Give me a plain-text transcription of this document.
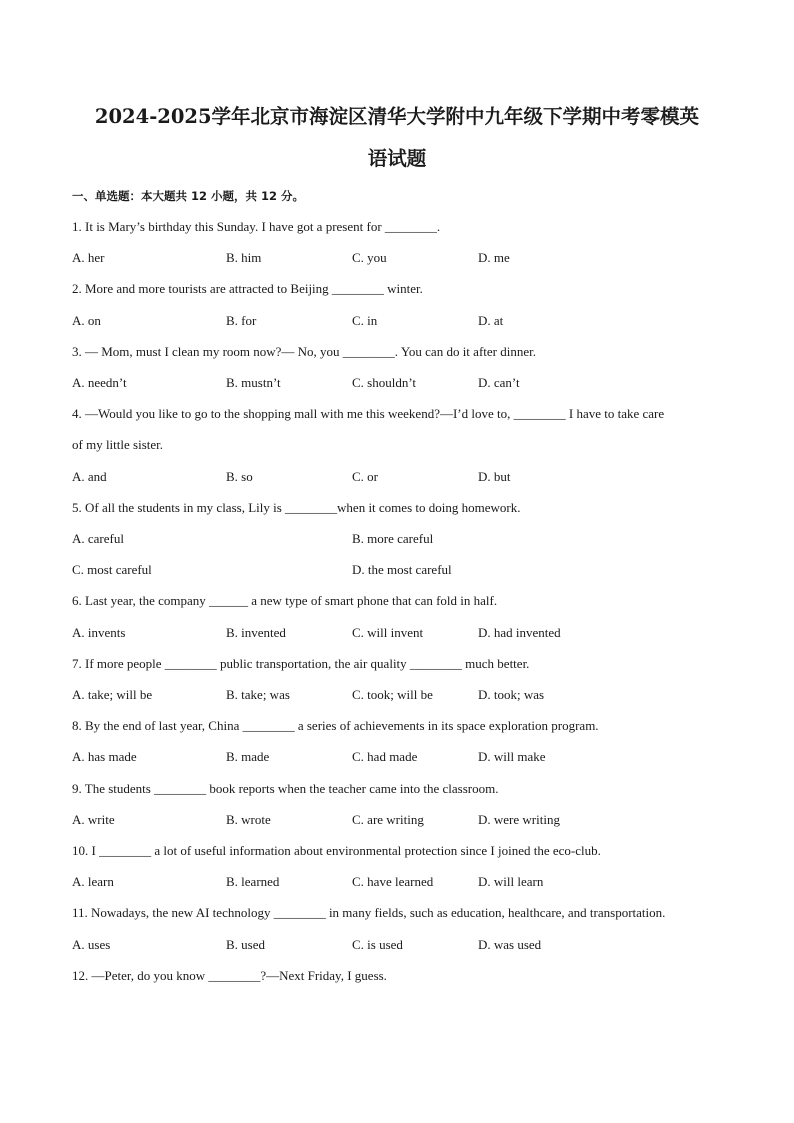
2024-2025学年北京市海淀区清华大学附中九年级下学期中考零模英
语试题
一、单选题：本大题共 12 小题，共 12 分。
1. It is Mary’s birthday this Sunday. I have got a present for ________.
A. her	B. him	C. you	D. me
2. More and more tourists are attracted to Beijing ________ winter.
A. on	B. for	C. in	D. at
3. — Mom, must I clean my room now?— No, you ________. You can do it after dinner.
A. needn’t	B. mustn’t	C. shouldn’t	D. can’t
4. —Would you like to go to the shopping mall with me this weekend?—I’d love to, ________ I have to take care
of my little sister.
A. and	B. so	C. or	D. but
5. Of all the students in my class, Lily is ________when it comes to doing homework.
A. careful	B. more careful
C. most careful	D. the most careful
6. Last year, the company ______ a new type of smart phone that can fold in half.
A. invents	B. invented	C. will invent	D. had invented
7. If more people ________ public transportation, the air quality ________ much better.
A. take; will be	B. take; was	C. took; will be	D. took; was
8. By the end of last year, China ________ a series of achievements in its space exploration program.
A. has made	B. made	C. had made	D. will make
9. The students ________ book reports when the teacher came into the classroom.
A. write	B. wrote	C. are writing	D. were writing
10. I ________ a lot of useful information about environmental protection since I joined the eco-club.
A. learn	B. learned	C. have learned	D. will learn
11. Nowadays, the new AI technology ________ in many fields, such as education, healthcare, and transportation.
A. uses	B. used	C. is used	D. was used
12. —Peter, do you know ________?—Next Friday, I guess.
